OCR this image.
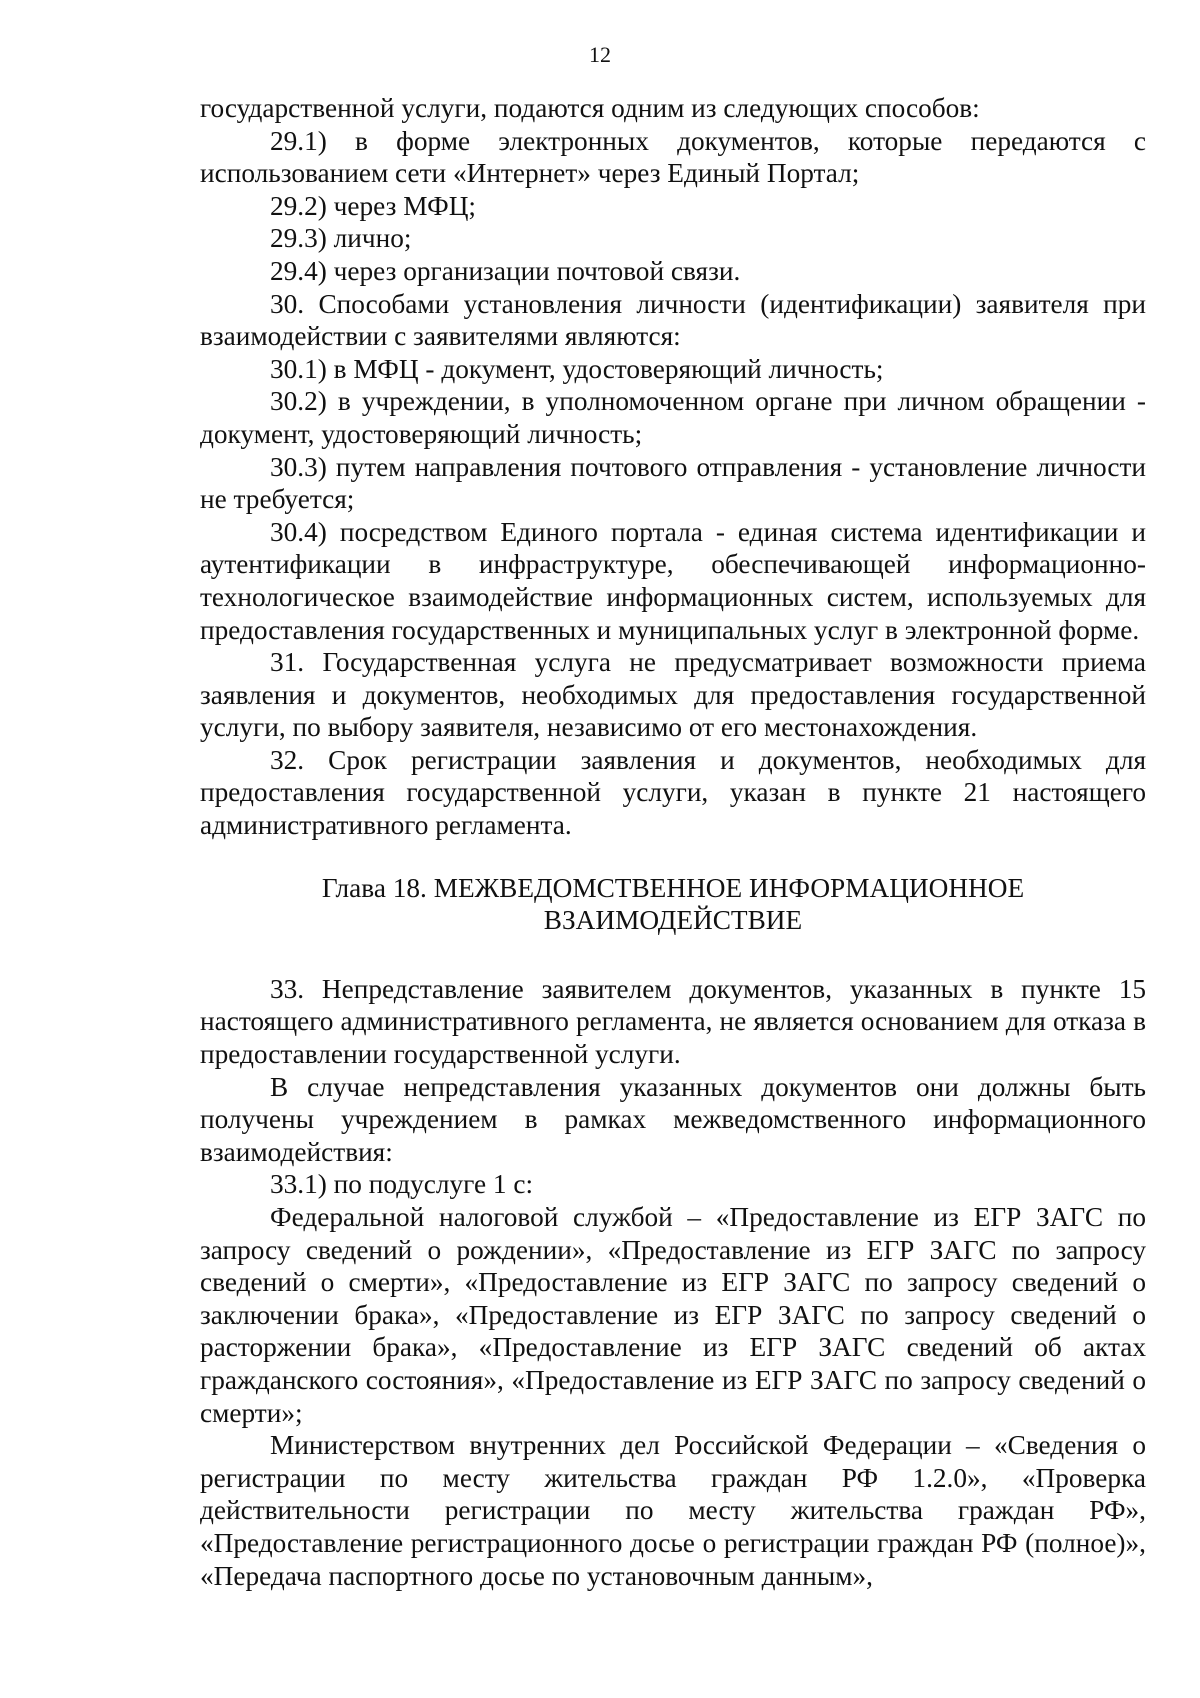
12

государственной услуги, подаются одним из следующих способов:

29.1) в форме электронных документов, которые передаются с использованием сети «Интернет» через Единый Портал;

29.2) через МФЦ;

29.3) лично;

29.4) через организации почтовой связи.

30. Способами установления личности (идентификации) заявителя при взаимодействии с заявителями являются:

30.1) в МФЦ - документ, удостоверяющий личность;

30.2) в учреждении, в уполномоченном органе при личном обращении - документ, удостоверяющий личность;

30.3) путем направления почтового отправления - установление личности не требуется;

30.4) посредством Единого портала - единая система идентификации и аутентификации в инфраструктуре, обеспечивающей информационно-технологическое взаимодействие информационных систем, используемых для предоставления государственных и муниципальных услуг в электронной форме.

31. Государственная услуга не предусматривает возможности приема заявления и документов, необходимых для предоставления государственной услуги, по выбору заявителя, независимо от его местонахождения.

32. Срок регистрации заявления и документов, необходимых для предоставления государственной услуги, указан в пункте 21 настоящего административного регламента.

Глава 18. МЕЖВЕДОМСТВЕННОЕ ИНФОРМАЦИОННОЕ
ВЗАИМОДЕЙСТВИЕ

33. Непредставление заявителем документов, указанных в пункте 15 настоящего административного регламента, не является основанием для отказа в предоставлении государственной услуги.

В случае непредставления указанных документов они должны быть получены учреждением в рамках межведомственного информационного взаимодействия:

33.1) по подуслуге 1 с:

Федеральной налоговой службой – «Предоставление из ЕГР ЗАГС по запросу сведений о рождении», «Предоставление из ЕГР ЗАГС по запросу сведений о смерти», «Предоставление из ЕГР ЗАГС по запросу сведений о заключении брака», «Предоставление из ЕГР ЗАГС по запросу сведений о расторжении брака», «Предоставление из ЕГР ЗАГС сведений об актах гражданского состояния», «Предоставление из ЕГР ЗАГС по запросу сведений о смерти»;

Министерством внутренних дел Российской Федерации – «Сведения о регистрации по месту жительства граждан РФ 1.2.0», «Проверка действительности регистрации по месту жительства граждан РФ», «Предоставление регистрационного досье о регистрации граждан РФ (полное)», «Передача паспортного досье по установочным данным»,
